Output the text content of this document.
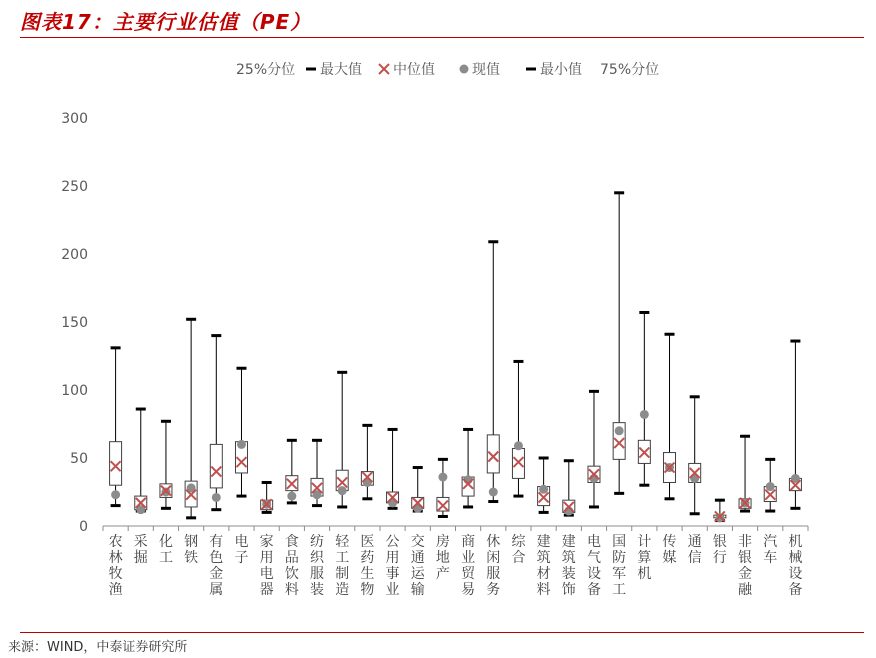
图表17：主要行业估值（PE）
25%分位 最大值 中位值	现值	最小值 75%分位
0
50
100
150
200
250
300
农林牧渔
采掘
化工
钢铁
有色金属
电子
家用电器
食品饮料
纺织服装
轻工制造
医药生物
公用事业
交通运输
房地产
商业贸易
休闲服务
综合
建筑材料
建筑装饰
电气设备
国防军工
计算机
传媒
通信
银行
非银金融
汽车
机械设备
来源：WIND，中泰证券研究所
